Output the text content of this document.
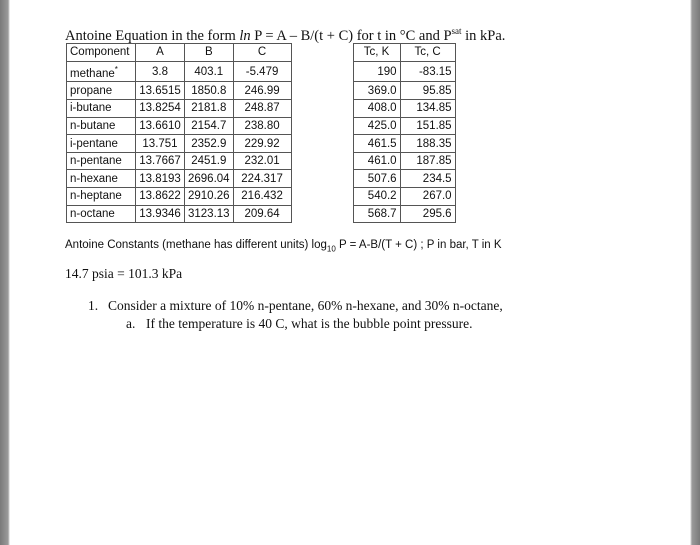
Antoine Equation in the form ln P = A – B/(t + C) for t in °C and $P^{sat}$ in kPa.
Component	A	B	C		Tc, K	Tc, C
methane*	3.8	403.1	-5.479		190	-83.15
propane	13.6515	1850.8	246.99		369.0	95.85
i-butane	13.8254	2181.8	248.87		408.0	134.85
n-butane	13.6610	2154.7	238.80		425.0	151.85
i-pentane	13.751	2352.9	229.92		461.5	188.35
n-pentane	13.7667	2451.9	232.01		461.0	187.85
n-hexane	13.8193	2696.04	224.317		507.6	234.5
n-heptane	13.8622	2910.26	216.432		540.2	267.0
n-octane	13.9346	3123.13	209.64		568.7	295.6
Antoine Constants (methane has different units) $\log_{10} P = A-B/(T + C)$ ; P in bar, T in K
14.7 psia = 101.3 kPa
1. Consider a mixture of 10% n-pentane, 60% n-hexane, and 30% n-octane,
a. If the temperature is 40 C, what is the bubble point pressure.
